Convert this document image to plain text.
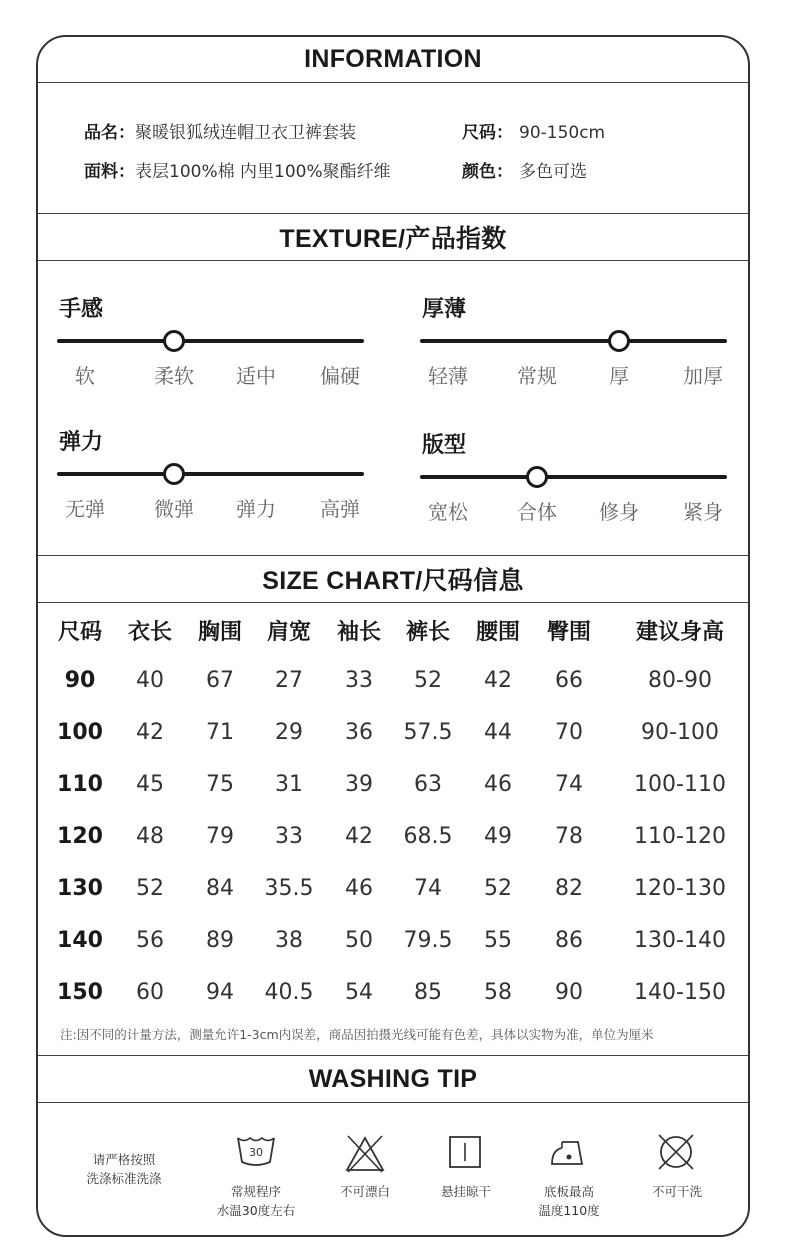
INFORMATION
品名：聚暖银狐绒连帽卫衣卫裤套装	尺码： 90-150cm
面料：表层100%棉 内里100%聚酯纤维	颜色： 多色可选
TEXTURE/产品指数
手感
软	柔软 适中 偏硬
厚薄
轻薄 常规	厚	加厚
弹力
无弹 微弹 弹力 高弹
版型
宽松 合体 修身 紧身
SIZE CHART/尺码信息
尺码 衣长 胸围 肩宽 袖长 裤长 腰围 臀围 建议身高
90 40 67 27 33 52 42 66	80-90
100 42 71 29 36 57.5 44 70	90-100
110 45 75 31 39 63 46 74 100-110
120 48 79 33 42 68.5 49 78 110-120
130 52 84 35.5 46 74 52 82 120-130
140 56 89 38 50 79.5 55 86 130-140
150 60 94 40.5 54 85 58 90 140-150
注:因不同的计量方法，测量允许1-3cm内误差，商品因拍摄光线可能有色差，具体以实物为准，单位为厘米
WASHING TIP
请严格按照
洗涤标准洗涤
30
常规程序
水温30度左右
不可漂白	悬挂晾干	底板最高
温度110度
不可干洗
